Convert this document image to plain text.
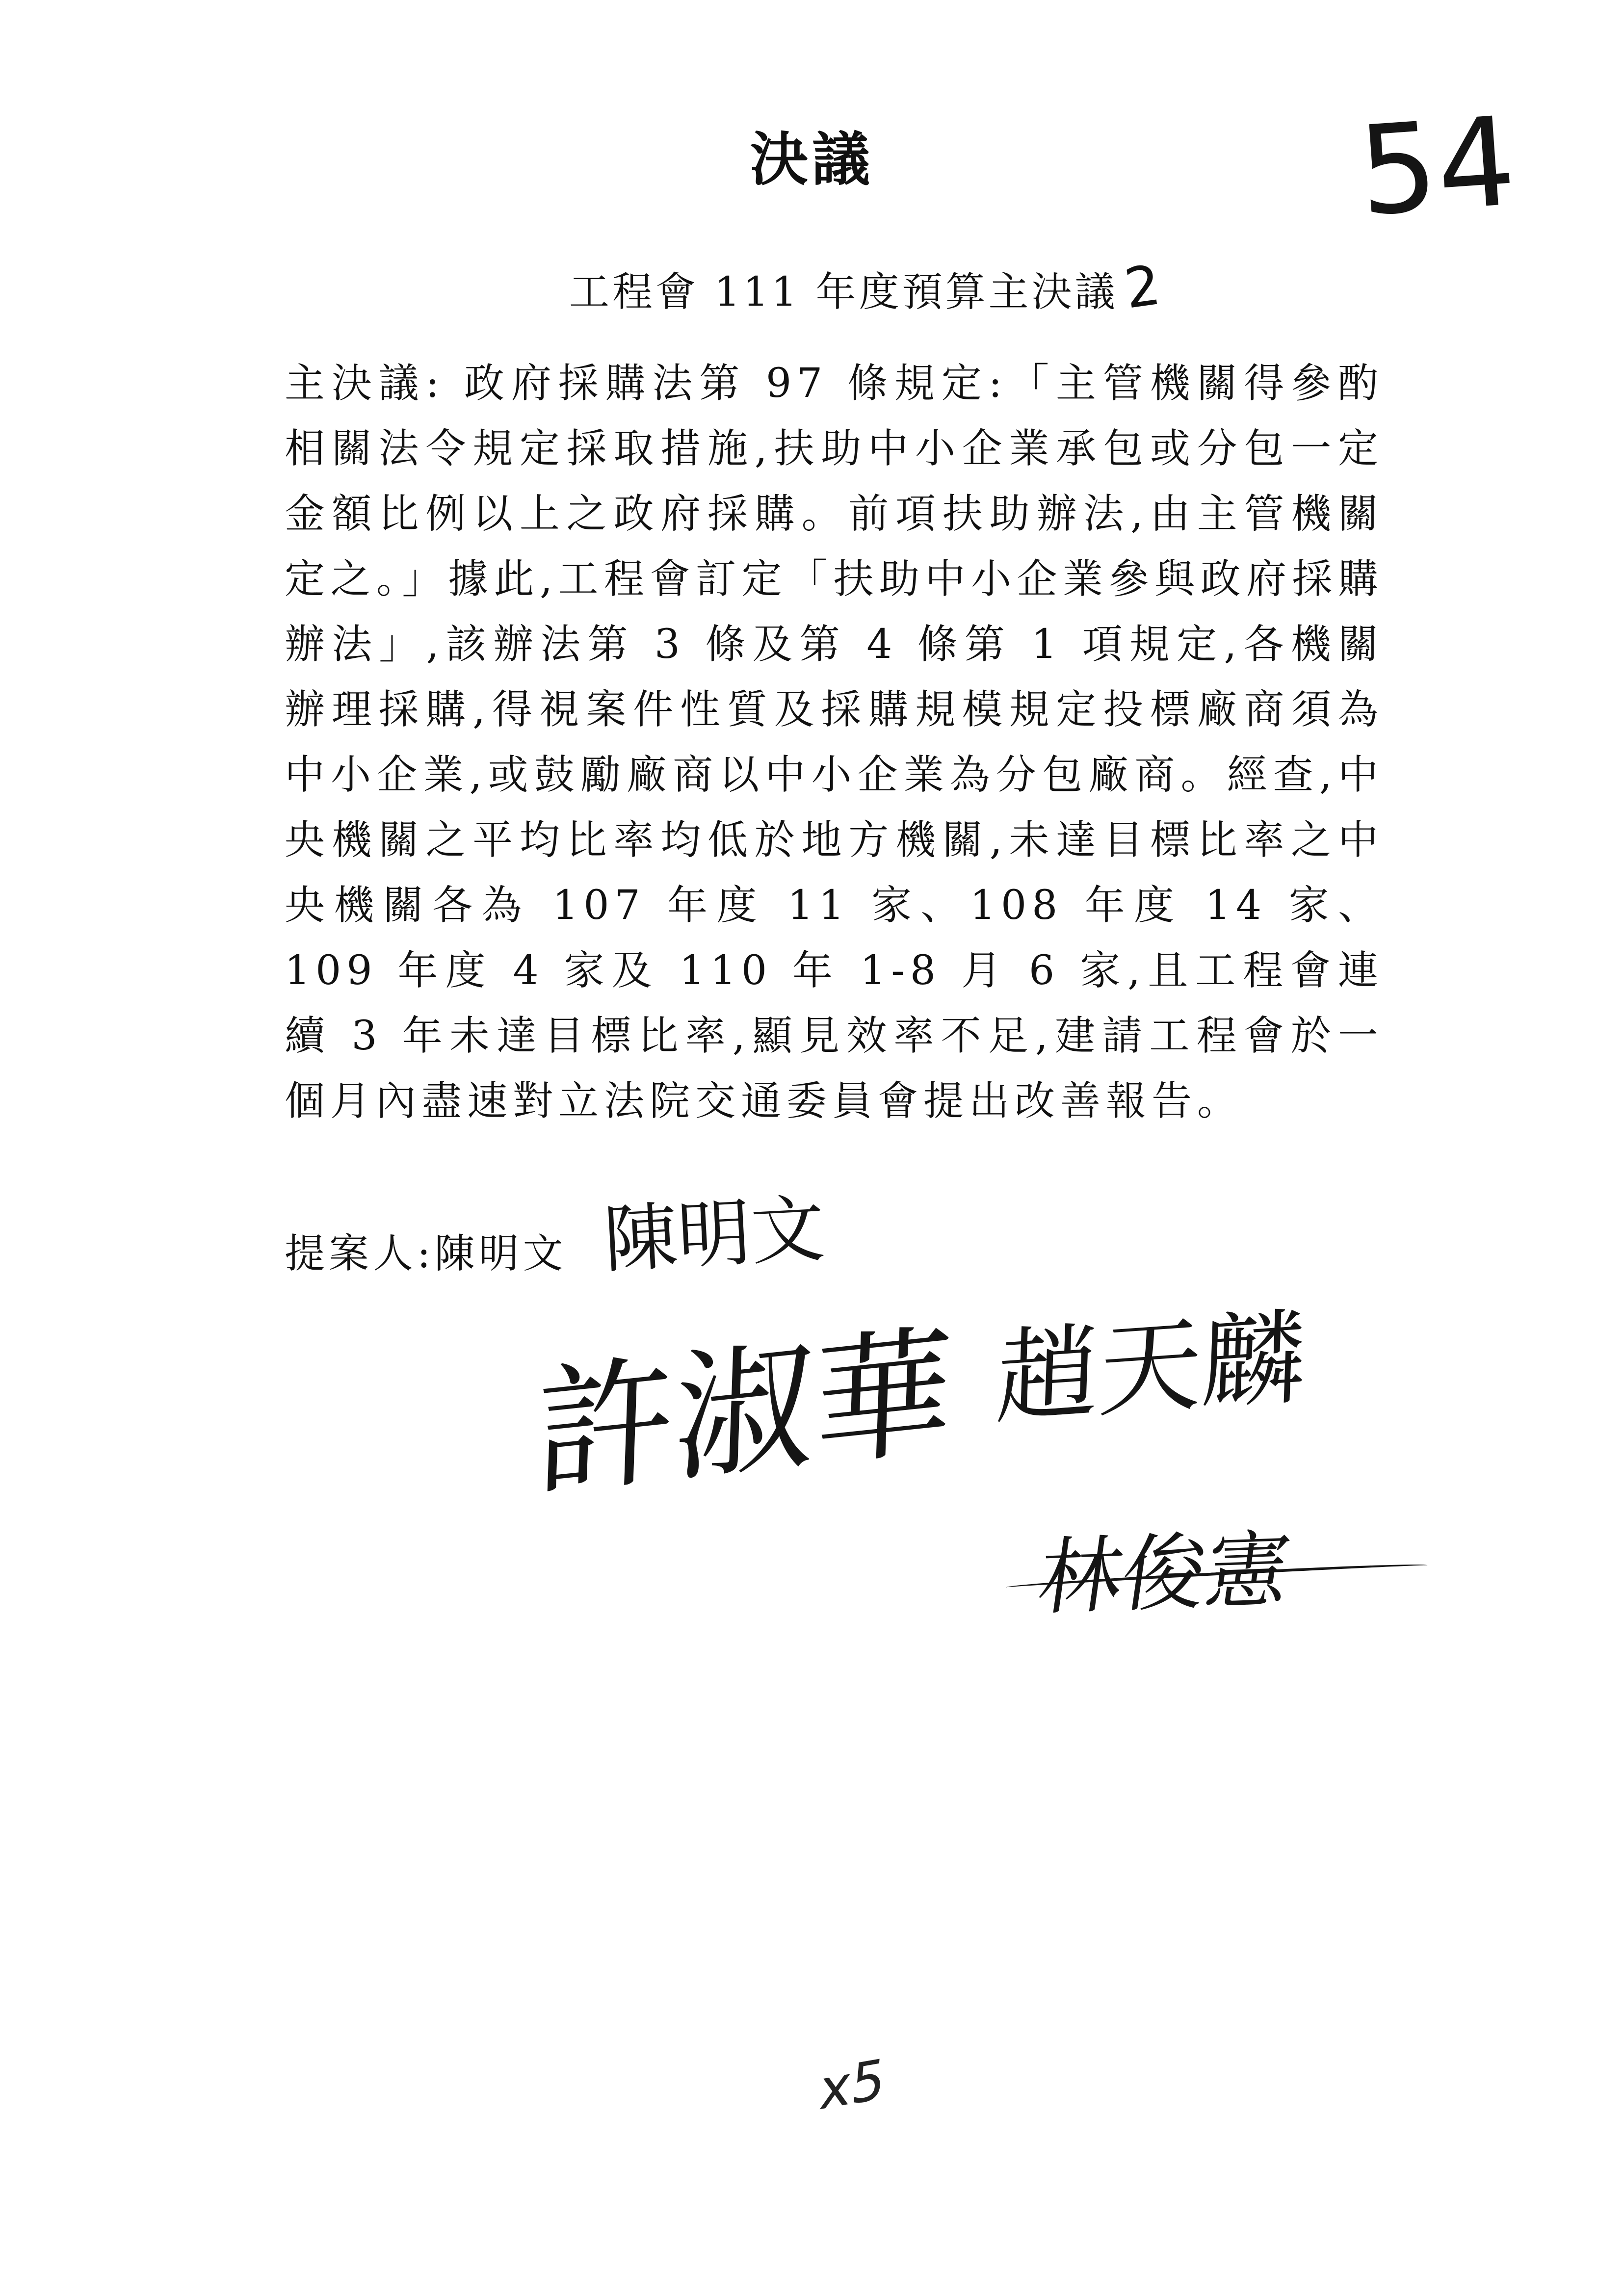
決議	54
工程會 111 年度預算主決議2
主決議: 政府採購法第 97 條規定:「主管機關得參酌相關法令規定採取措施,扶助中小企業承包或分包一定金額比例以上之政府採購。前項扶助辦法,由主管機關定之。」據此,工程會訂定「扶助中小企業參與政府採購辦法」,該辦法第 3 條及第 4 條第 1 項規定,各機關辦理採購,得視案件性質及採購規模規定投標廠商須為中小企業,或鼓勵廠商以中小企業為分包廠商。經查,中央機關之平均比率均低於地方機關,未達目標比率之中央機關各為 107 年度 11 家、108 年度 14 家、109 年度 4 家及 110 年 1-8 月 6 家,且工程會連續 3 年未達目標比率,顯見效率不足,建請工程會於一個月內盡速對立法院交通委員會提出改善報告。
提案人:陳明文 陳明文
許淑華 趙天麟
林俊憲
x5
